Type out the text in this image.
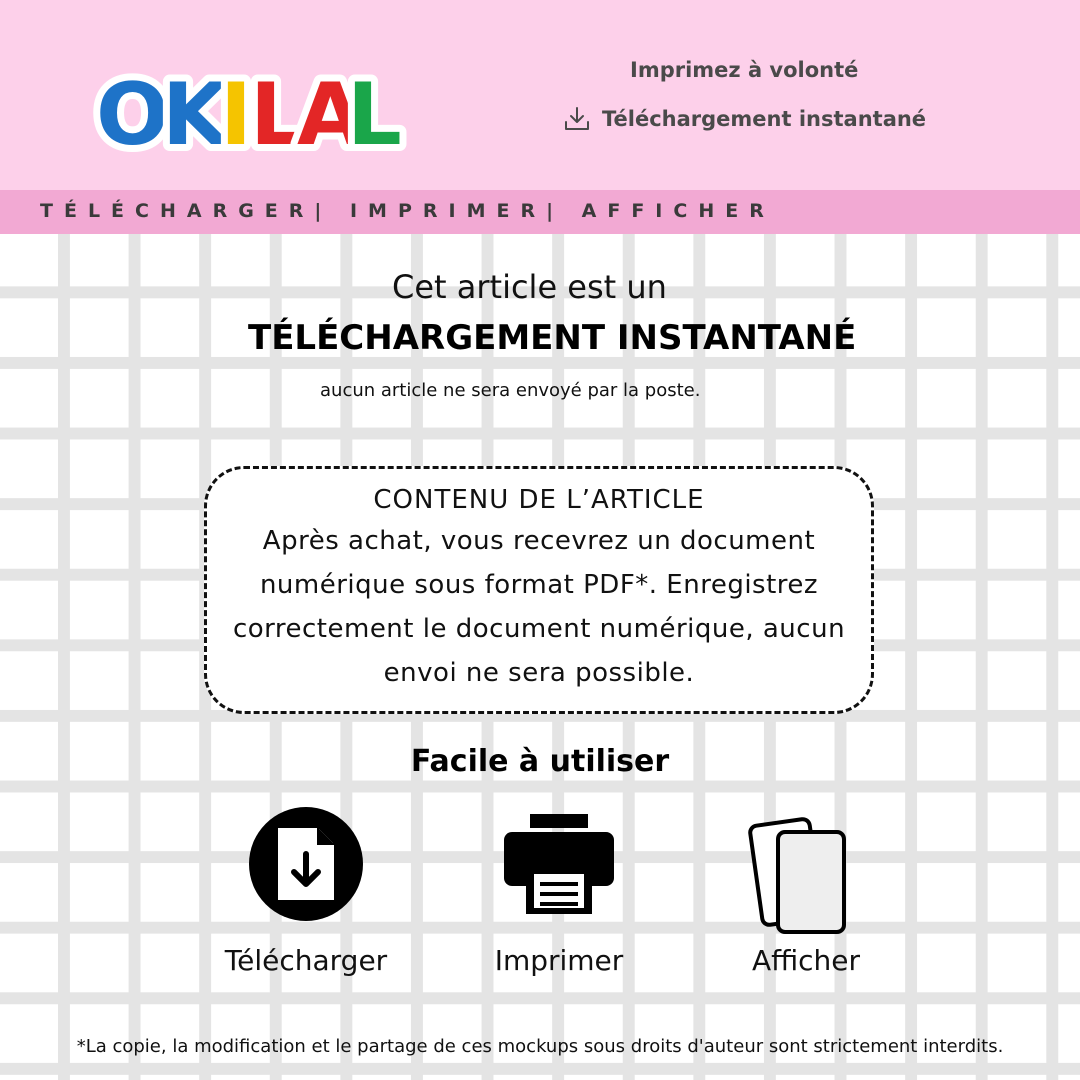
O
K
I L
A
L	Imprimez à volonté
Téléchargement instantané
TÉLÉCHARGER| IMPRIMER| AFFICHER
Cet article est un
TÉLÉCHARGEMENT INSTANTANÉ
aucun article ne sera envoyé par la poste.
CONTENU DE L’ARTICLE
Après achat, vous recevrez un document numérique sous format PDF*. Enregistrez correctement le document numérique, aucun envoi ne sera possible.
Facile à utiliser
Télécharger	Imprimer	Afficher
*La copie, la modification et le partage de ces mockups sous droits d'auteur sont strictement interdits.
